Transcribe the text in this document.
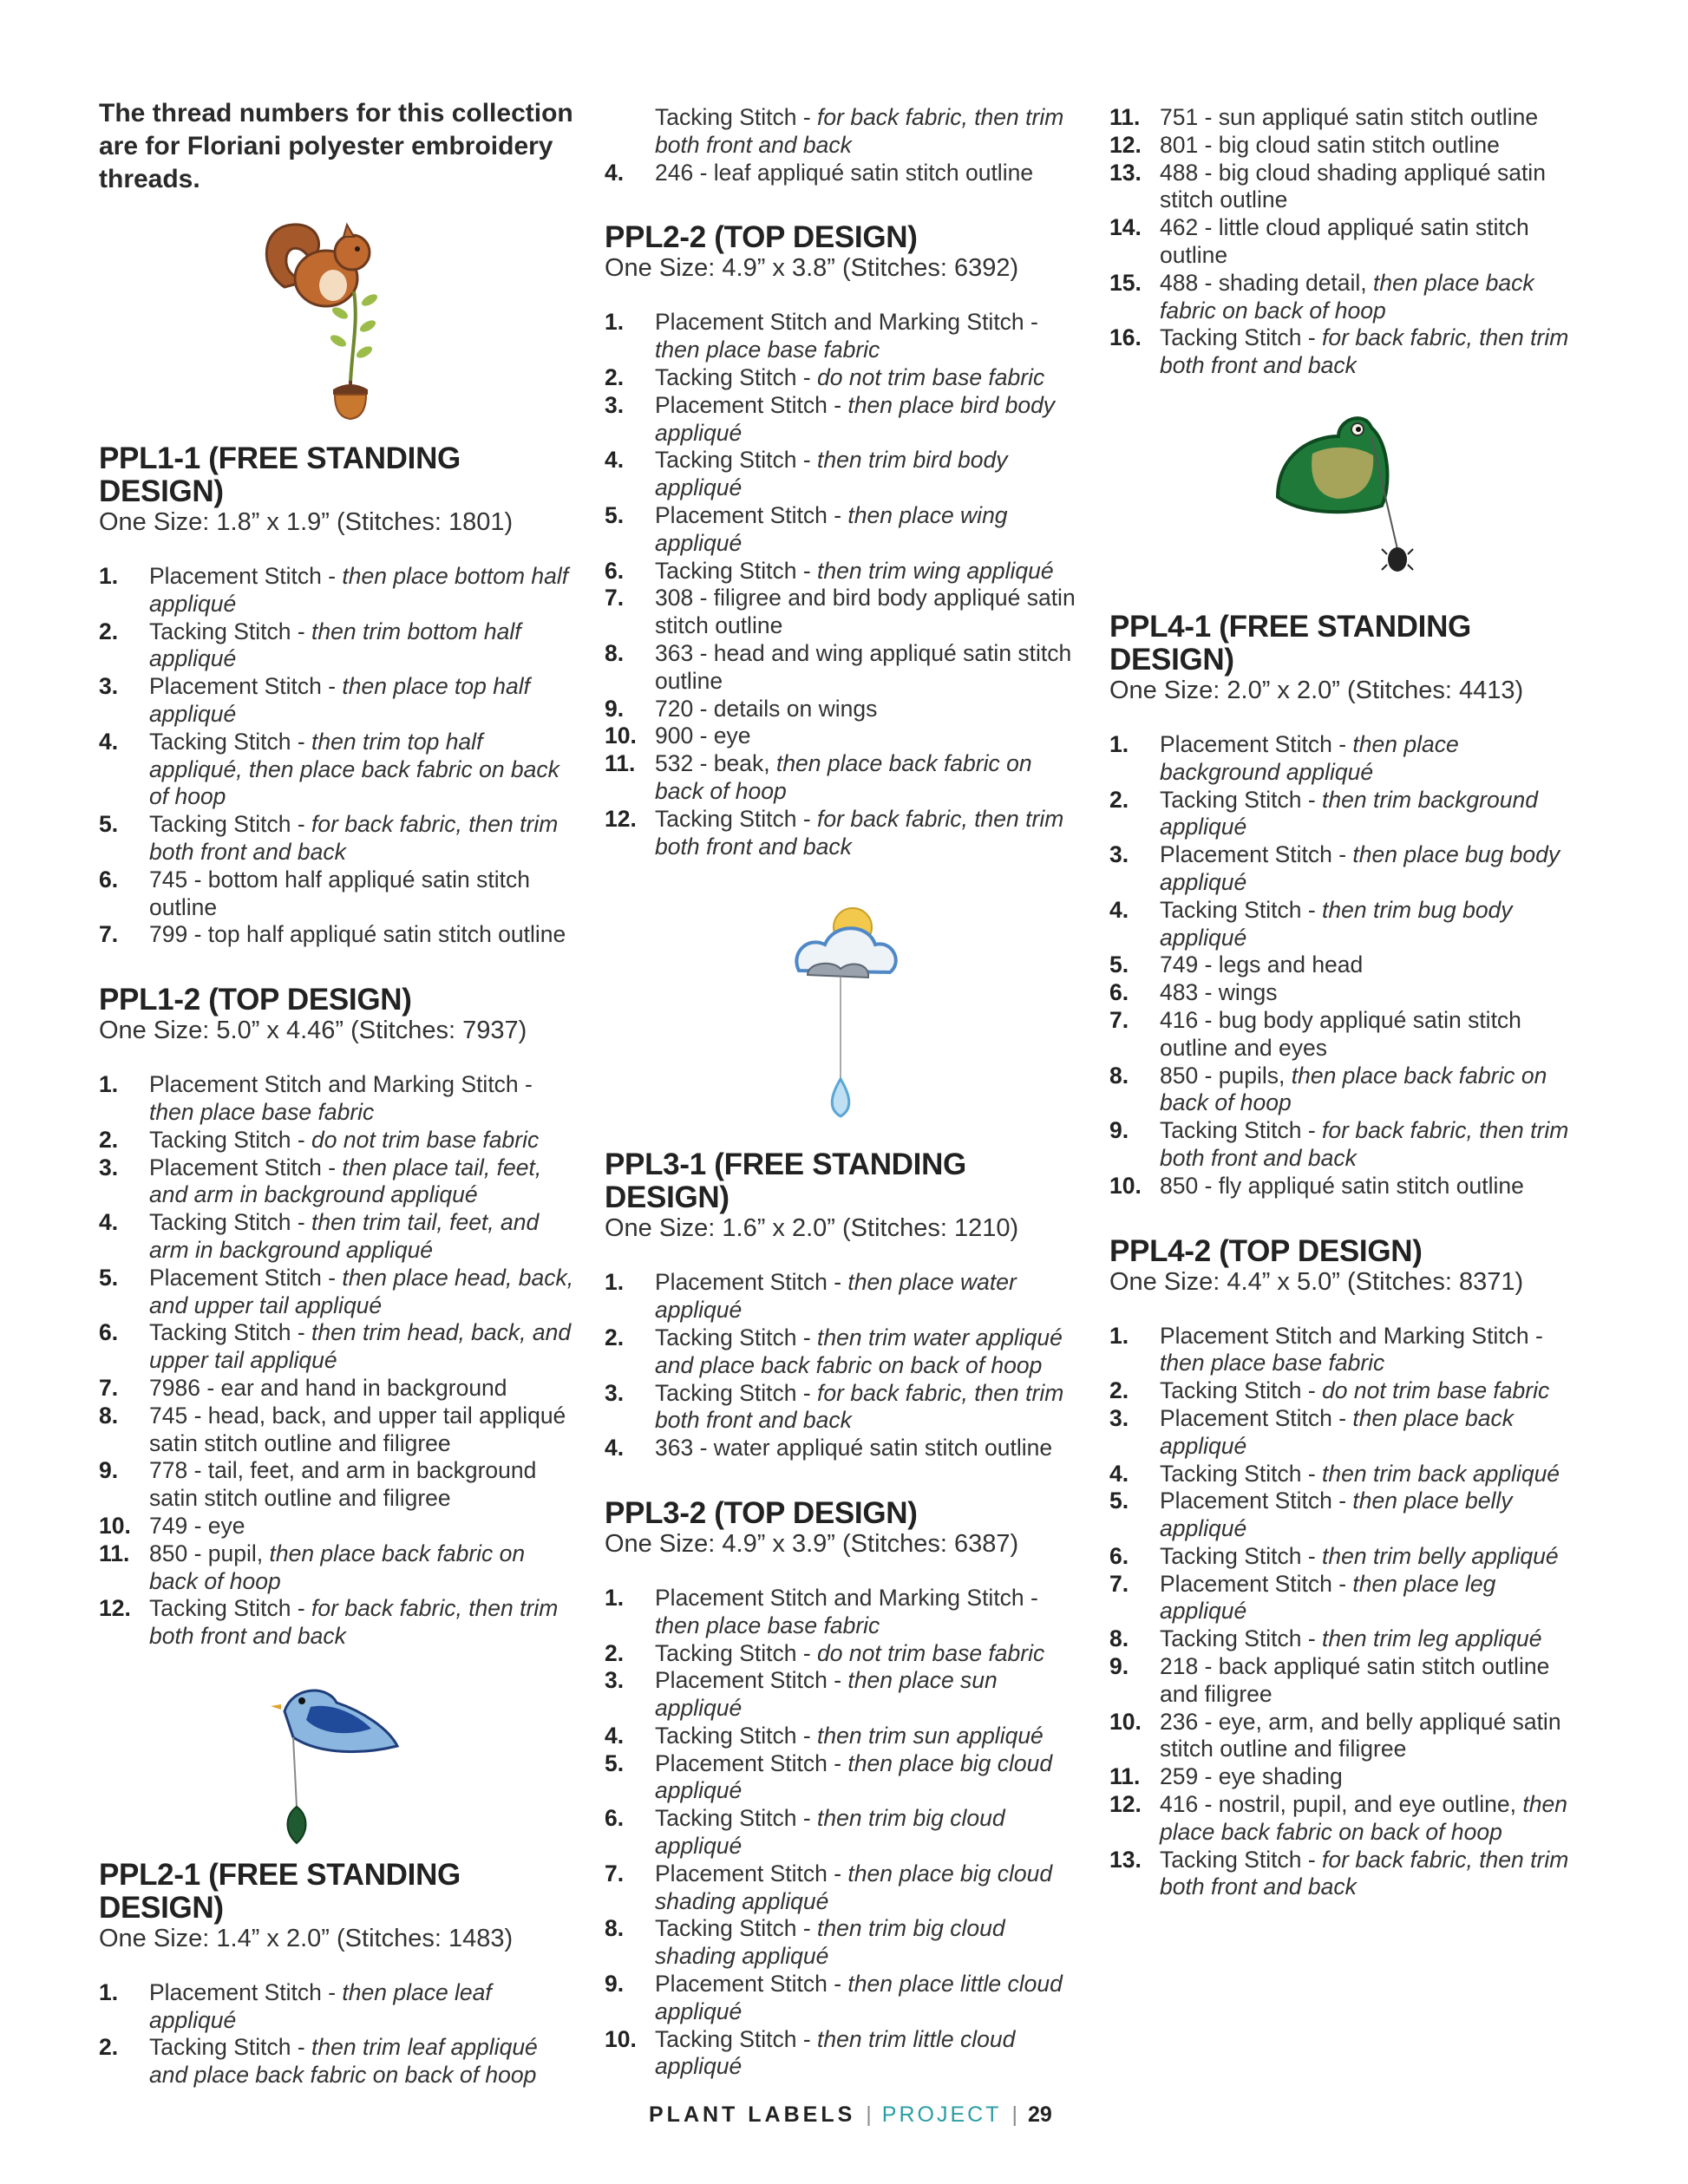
The thread numbers for this collection are for Floriani polyester embroidery threads.

PPL1-1 (FREE STANDING DESIGN)

One Size: 1.8” x 1.9” (Stitches: 1801)

1. Placement Stitch - then place bottom half appliqué
2. Tacking Stitch - then trim bottom half appliqué
3. Placement Stitch - then place top half appliqué
4. Tacking Stitch - then trim top half appliqué, then place back fabric on back of hoop
5. Tacking Stitch - for back fabric, then trim both front and back
6. 745 - bottom half appliqué satin stitch outline
7. 799 - top half appliqué satin stitch outline
PPL1-2 (TOP DESIGN)

One Size: 5.0” x 4.46” (Stitches: 7937)

1. Placement Stitch and Marking Stitch - then place base fabric
2. Tacking Stitch - do not trim base fabric
3. Placement Stitch - then place tail, feet, and arm in background appliqué
4. Tacking Stitch - then trim tail, feet, and arm in background appliqué
5. Placement Stitch - then place head, back, and upper tail appliqué
6. Tacking Stitch - then trim head, back, and upper tail appliqué
7. 7986 - ear and hand in background
8. 745 - head, back, and upper tail appliqué satin stitch outline and filigree
9. 778 - tail, feet, and arm in background satin stitch outline and filigree
10. 749 - eye
11. 850 - pupil, then place back fabric on back of hoop
12. Tacking Stitch - for back fabric, then trim both front and back
PPL2-1 (FREE STANDING DESIGN)

One Size: 1.4” x 2.0” (Stitches: 1483)

1. Placement Stitch - then place leaf appliqué
2. Tacking Stitch - then trim leaf appliqué and place back fabric on back of hoop
Tacking Stitch - for back fabric, then trim both front and back
4. 246 - leaf appliqué satin stitch outline
PPL2-2 (TOP DESIGN)

One Size: 4.9” x 3.8” (Stitches: 6392)

1. Placement Stitch and Marking Stitch - then place base fabric
2. Tacking Stitch - do not trim base fabric
3. Placement Stitch - then place bird body appliqué
4. Tacking Stitch - then trim bird body appliqué
5. Placement Stitch - then place wing appliqué
6. Tacking Stitch - then trim wing appliqué
7. 308 - filigree and bird body appliqué satin stitch outline
8. 363 - head and wing appliqué satin stitch outline
9. 720 - details on wings
10. 900 - eye
11. 532 - beak, then place back fabric on back of hoop
12. Tacking Stitch - for back fabric, then trim both front and back
PPL3-1 (FREE STANDING DESIGN)

One Size: 1.6” x 2.0” (Stitches: 1210)

1. Placement Stitch - then place water appliqué
2. Tacking Stitch - then trim water appliqué and place back fabric on back of hoop
3. Tacking Stitch - for back fabric, then trim both front and back
4. 363 - water appliqué satin stitch outline
PPL3-2 (TOP DESIGN)

One Size: 4.9” x 3.9” (Stitches: 6387)

1. Placement Stitch and Marking Stitch - then place base fabric
2. Tacking Stitch - do not trim base fabric
3. Placement Stitch - then place sun appliqué
4. Tacking Stitch - then trim sun appliqué
5. Placement Stitch - then place big cloud appliqué
6. Tacking Stitch - then trim big cloud appliqué
7. Placement Stitch - then place big cloud shading appliqué
8. Tacking Stitch - then trim big cloud shading appliqué
9. Placement Stitch - then place little cloud appliqué
10. Tacking Stitch - then trim little cloud appliqué
11. 751 - sun appliqué satin stitch outline
12. 801 - big cloud satin stitch outline
13. 488 - big cloud shading appliqué satin stitch outline
14. 462 - little cloud appliqué satin stitch outline
15. 488 - shading detail, then place back fabric on back of hoop
16. Tacking Stitch - for back fabric, then trim both front and back
PPL4-1 (FREE STANDING DESIGN)

One Size: 2.0” x 2.0” (Stitches: 4413)

1. Placement Stitch - then place background appliqué
2. Tacking Stitch - then trim background appliqué
3. Placement Stitch - then place bug body appliqué
4. Tacking Stitch - then trim bug body appliqué
5. 749 - legs and head
6. 483 - wings
7. 416 - bug body appliqué satin stitch outline and eyes
8. 850 - pupils, then place back fabric on back of hoop
9. Tacking Stitch - for back fabric, then trim both front and back
10. 850 - fly appliqué satin stitch outline
PPL4-2 (TOP DESIGN)

One Size: 4.4” x 5.0” (Stitches: 8371)

1. Placement Stitch and Marking Stitch - then place base fabric
2. Tacking Stitch - do not trim base fabric
3. Placement Stitch - then place back appliqué
4. Tacking Stitch - then trim back appliqué
5. Placement Stitch - then place belly appliqué
6. Tacking Stitch - then trim belly appliqué
7. Placement Stitch - then place leg appliqué
8. Tacking Stitch - then trim leg appliqué
9. 218 - back appliqué satin stitch outline and filigree
10. 236 - eye, arm, and belly appliqué satin stitch outline and filigree
11. 259 - eye shading
12. 416 - nostril, pupil, and eye outline, then place back fabric on back of hoop
13. Tacking Stitch - for back fabric, then trim both front and back
PLANT LABELS | PROJECT | 29
